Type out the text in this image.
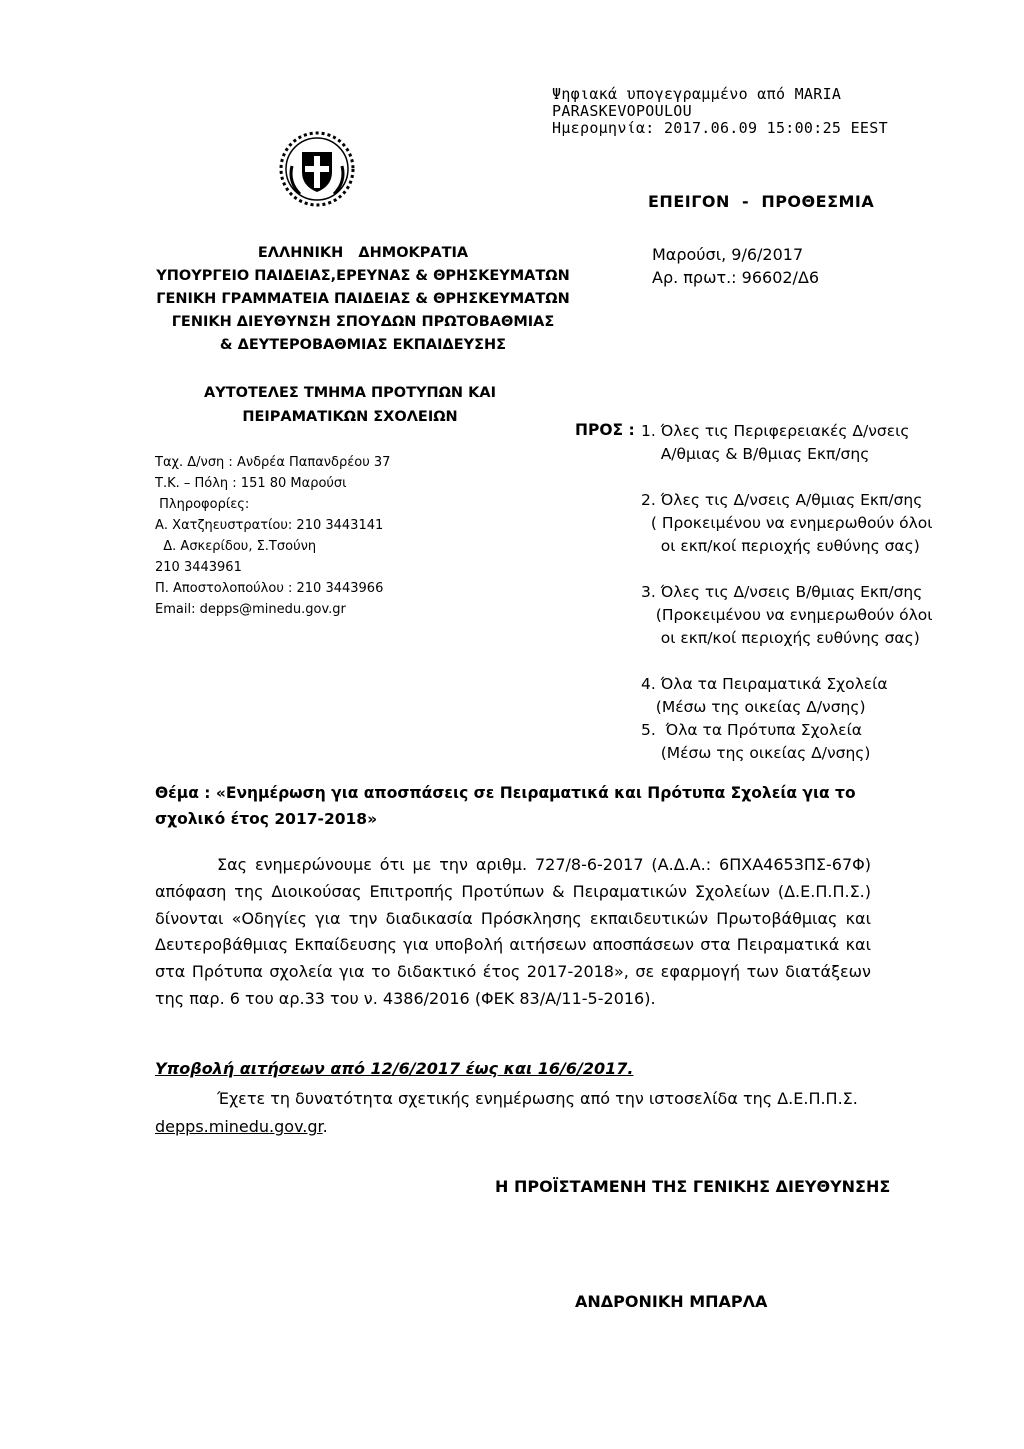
Ψηφιακά υπογεγραμμένο από MARIA
PARASKEVOPOULOU
Ημερομηνία: 2017.06.09 15:00:25 EEST
ΕΠΕΙΓΟΝ  -  ΠΡΟΘΕΣΜΙΑ
Μαρούσι, 9/6/2017
Αρ. πρωτ.: 96602/Δ6
ΕΛΛΗΝΙΚΗ   ΔΗΜΟΚΡΑΤΙΑ
ΥΠΟΥΡΓΕΙΟ ΠΑΙΔΕΙΑΣ,ΕΡΕΥΝΑΣ & ΘΡΗΣΚΕΥΜΑΤΩΝ
ΓΕΝΙΚΗ ΓΡΑΜΜΑΤΕΙΑ ΠΑΙΔΕΙΑΣ & ΘΡΗΣΚΕΥΜΑΤΩΝ
ΓΕΝΙΚΗ ΔΙΕΥΘΥΝΣΗ ΣΠΟΥΔΩΝ ΠΡΩΤΟΒΑΘΜΙΑΣ
& ΔΕΥΤΕΡΟΒΑΘΜΙΑΣ ΕΚΠΑΙΔΕΥΣΗΣ
ΑΥΤΟΤΕΛΕΣ ΤΜΗΜΑ ΠΡΟΤΥΠΩΝ ΚΑΙ
ΠΕΙΡΑΜΑΤΙΚΩΝ ΣΧΟΛΕΙΩΝ
Ταχ. Δ/νση : Ανδρέα Παπανδρέου 37
Τ.Κ. – Πόλη : 151 80 Μαρούσι
Πληροφορίες:
Α. Χατζηευστρατίου: 210 3443141
Δ. Ασκερίδου, Σ.Τσούνη
210 3443961
Π. Αποστολοπούλου : 210 3443966
Email: depps@minedu.gov.gr
ΠΡΟΣ : 1. Όλες τις Περιφερειακές Δ/νσεις
Α/θμιας & Β/θμιας Εκπ/σης
2. Όλες τις Δ/νσεις Α/θμιας Εκπ/σης
( Προκειμένου να ενημερωθούν όλοι
οι εκπ/κοί περιοχής ευθύνης σας)
3. Όλες τις Δ/νσεις Β/θμιας Εκπ/σης
(Προκειμένου να ενημερωθούν όλοι
οι εκπ/κοί περιοχής ευθύνης σας)
4. Όλα τα Πειραματικά Σχολεία
(Μέσω της οικείας Δ/νσης)
5.  Όλα τα Πρότυπα Σχολεία
(Μέσω της οικείας Δ/νσης)
Θέμα : «Ενημέρωση για αποσπάσεις σε Πειραματικά και Πρότυπα Σχολεία για το σχολικό έτος 2017-2018»

Σας ενημερώνουμε ότι με την αριθμ. 727/8-6-2017 (Α.Δ.Α.: 6ΠΧΑ4653ΠΣ-67Φ) απόφαση της Διοικούσας Επιτροπής Προτύπων & Πειραματικών Σχολείων (Δ.Ε.Π.Π.Σ.) δίνονται «Οδηγίες για την διαδικασία Πρόσκλησης εκπαιδευτικών Πρωτοβάθμιας και Δευτεροβάθμιας Εκπαίδευσης για υποβολή αιτήσεων αποσπάσεων στα Πειραματικά και στα Πρότυπα σχολεία για το διδακτικό έτος 2017-2018», σε εφαρμογή των διατάξεων της παρ. 6 του αρ.33 του ν. 4386/2016 (ΦΕΚ 83/Α/11-5-2016).

Υποβολή αιτήσεων από 12/6/2017 έως και 16/6/2017.
Έχετε τη δυνατότητα σχετικής ενημέρωσης από την ιστοσελίδα της Δ.Ε.Π.Π.Σ.
depps.minedu.gov.gr.
Η ΠΡΟΪΣΤΑΜΕΝΗ ΤΗΣ ΓΕΝΙΚΗΣ ΔΙΕΥΘΥΝΣΗΣ
ΑΝΔΡΟΝΙΚΗ ΜΠΑΡΛΑ
